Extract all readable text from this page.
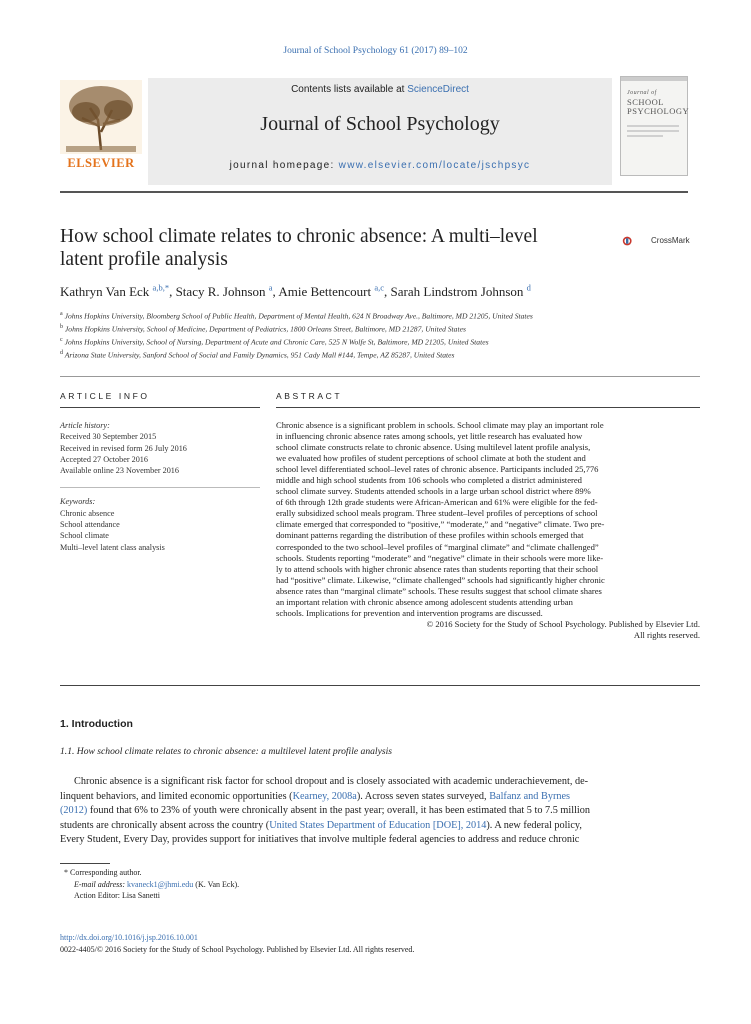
Journal of School Psychology 61 (2017) 89–102
Contents lists available at ScienceDirect
Journal of School Psychology
journal homepage: www.elsevier.com/locate/jschpsyc
ELSEVIER
Journal of
SCHOOL
PSYCHOLOGY
How school climate relates to chronic absence: A multi–level
latent profile analysis
CrossMark
Kathryn Van Eck $^{a,b,*}$, Stacy R. Johnson $^a$, Amie Bettencourt $^{a,c}$, Sarah Lindstrom Johnson $^d$
$^a$ Johns Hopkins University, Bloomberg School of Public Health, Department of Mental Health, 624 N Broadway Ave., Baltimore, MD 21205, United States
$^b$ Johns Hopkins University, School of Medicine, Department of Pediatrics, 1800 Orleans Street, Baltimore, MD 21287, United States
$^c$ Johns Hopkins University, School of Nursing, Department of Acute and Chronic Care, 525 N Wolfe St, Baltimore, MD 21205, United States
$^d$ Arizona State University, Sanford School of Social and Family Dynamics, 951 Cady Mall #144, Tempe, AZ 85287, United States
ARTICLE INFO
Article history:
Received 30 September 2015
Received in revised form 26 July 2016
Accepted 27 October 2016
Available online 23 November 2016
Keywords:
Chronic absence
School attendance
School climate
Multi–level latent class analysis
ABSTRACT
Chronic absence is a significant problem in schools. School climate may play an important role
in influencing chronic absence rates among schools, yet little research has evaluated how
school climate constructs relate to chronic absence. Using multilevel latent profile analysis,
we evaluated how profiles of student perceptions of school climate at both the student and
school level differentiated school–level rates of chronic absence. Participants included 25,776
middle and high school students from 106 schools who completed a district administered
school climate survey. Students attended schools in a large urban school district where 89%
of 6th through 12th grade students were African-American and 61% were eligible for the fed-
erally subsidized school meals program. Three student–level profiles of perceptions of school
climate emerged that corresponded to “positive,” “moderate,” and “negative” climate. Two pre-
dominant patterns regarding the distribution of these profiles within schools emerged that
corresponded to the two school–level profiles of “marginal climate” and “climate challenged”
schools. Students reporting “moderate” and “negative” climate in their schools were more like-
ly to attend schools with higher chronic absence rates than students reporting that their school
had “positive” climate. Likewise, “climate challenged” schools had significantly higher chronic
absence rates than “marginal climate” schools. These results suggest that school climate shares
an important relation with chronic absence among adolescent students attending urban
schools. Implications for prevention and intervention programs are discussed.
© 2016 Society for the Study of School Psychology. Published by Elsevier Ltd.
All rights reserved.
1. Introduction
1.1. How school climate relates to chronic absence: a multilevel latent profile analysis
Chronic absence is a significant risk factor for school dropout and is closely associated with academic underachievement, de-
linquent behaviors, and limited economic opportunities (Kearney, 2008a). Across seven states surveyed, Balfanz and Byrnes
(2012) found that 6% to 23% of youth were chronically absent in the past year; overall, it has been estimated that 5 to 7.5 million
students are chronically absent across the country (United States Department of Education [DOE], 2014). A new federal policy,
Every Student, Every Day, provides support for initiatives that involve multiple federal agencies to address and reduce chronic
* Corresponding author.
E-mail address: kvaneck1@jhmi.edu (K. Van Eck).
Action Editor: Lisa Sanetti
http://dx.doi.org/10.1016/j.jsp.2016.10.001
0022-4405/© 2016 Society for the Study of School Psychology. Published by Elsevier Ltd. All rights reserved.
